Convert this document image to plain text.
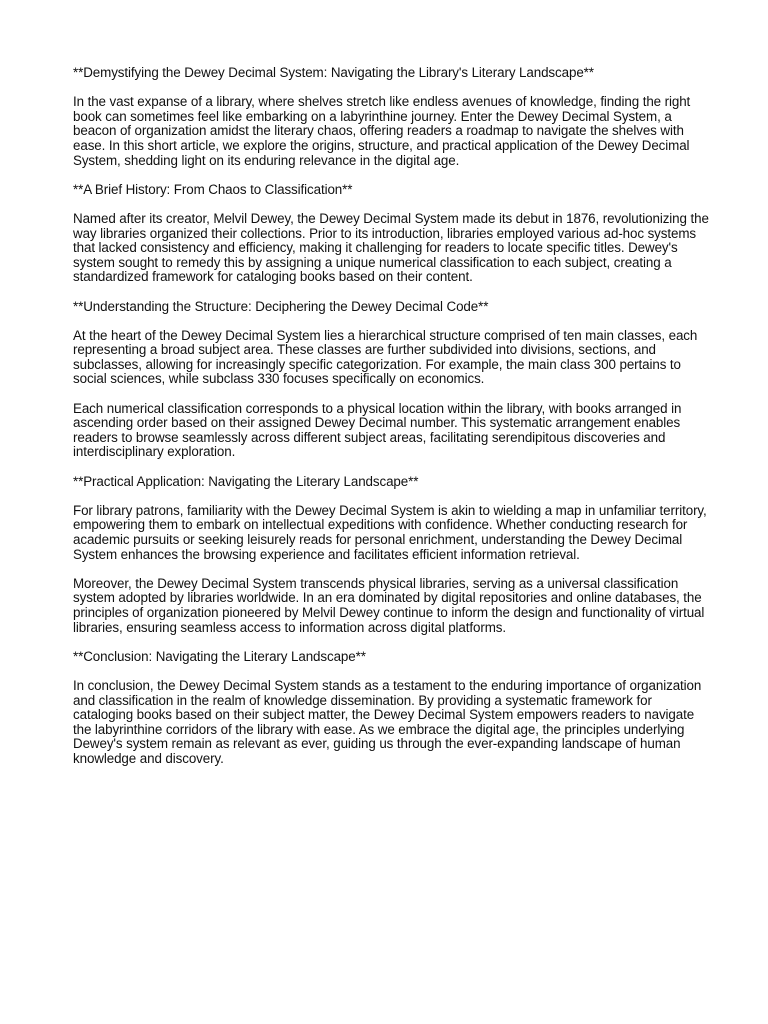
**Demystifying the Dewey Decimal System: Navigating the Library's Literary Landscape**

In the vast expanse of a library, where shelves stretch like endless avenues of knowledge, finding the right book can sometimes feel like embarking on a labyrinthine journey. Enter the Dewey Decimal System, a beacon of organization amidst the literary chaos, offering readers a roadmap to navigate the shelves with ease. In this short article, we explore the origins, structure, and practical application of the Dewey Decimal System, shedding light on its enduring relevance in the digital age.

**A Brief History: From Chaos to Classification**

Named after its creator, Melvil Dewey, the Dewey Decimal System made its debut in 1876, revolutionizing the way libraries organized their collections. Prior to its introduction, libraries employed various ad-hoc systems that lacked consistency and efficiency, making it challenging for readers to locate specific titles. Dewey's system sought to remedy this by assigning a unique numerical classification to each subject, creating a standardized framework for cataloging books based on their content.

**Understanding the Structure: Deciphering the Dewey Decimal Code**

At the heart of the Dewey Decimal System lies a hierarchical structure comprised of ten main classes, each representing a broad subject area. These classes are further subdivided into divisions, sections, and subclasses, allowing for increasingly specific categorization. For example, the main class 300 pertains to social sciences, while subclass 330 focuses specifically on economics.

Each numerical classification corresponds to a physical location within the library, with books arranged in ascending order based on their assigned Dewey Decimal number. This systematic arrangement enables readers to browse seamlessly across different subject areas, facilitating serendipitous discoveries and interdisciplinary exploration.

**Practical Application: Navigating the Literary Landscape**

For library patrons, familiarity with the Dewey Decimal System is akin to wielding a map in unfamiliar territory, empowering them to embark on intellectual expeditions with confidence. Whether conducting research for academic pursuits or seeking leisurely reads for personal enrichment, understanding the Dewey Decimal System enhances the browsing experience and facilitates efficient information retrieval.

Moreover, the Dewey Decimal System transcends physical libraries, serving as a universal classification system adopted by libraries worldwide. In an era dominated by digital repositories and online databases, the principles of organization pioneered by Melvil Dewey continue to inform the design and functionality of virtual libraries, ensuring seamless access to information across digital platforms.

**Conclusion: Navigating the Literary Landscape**

In conclusion, the Dewey Decimal System stands as a testament to the enduring importance of organization and classification in the realm of knowledge dissemination. By providing a systematic framework for cataloging books based on their subject matter, the Dewey Decimal System empowers readers to navigate the labyrinthine corridors of the library with ease. As we embrace the digital age, the principles underlying Dewey's system remain as relevant as ever, guiding us through the ever-expanding landscape of human knowledge and discovery.
